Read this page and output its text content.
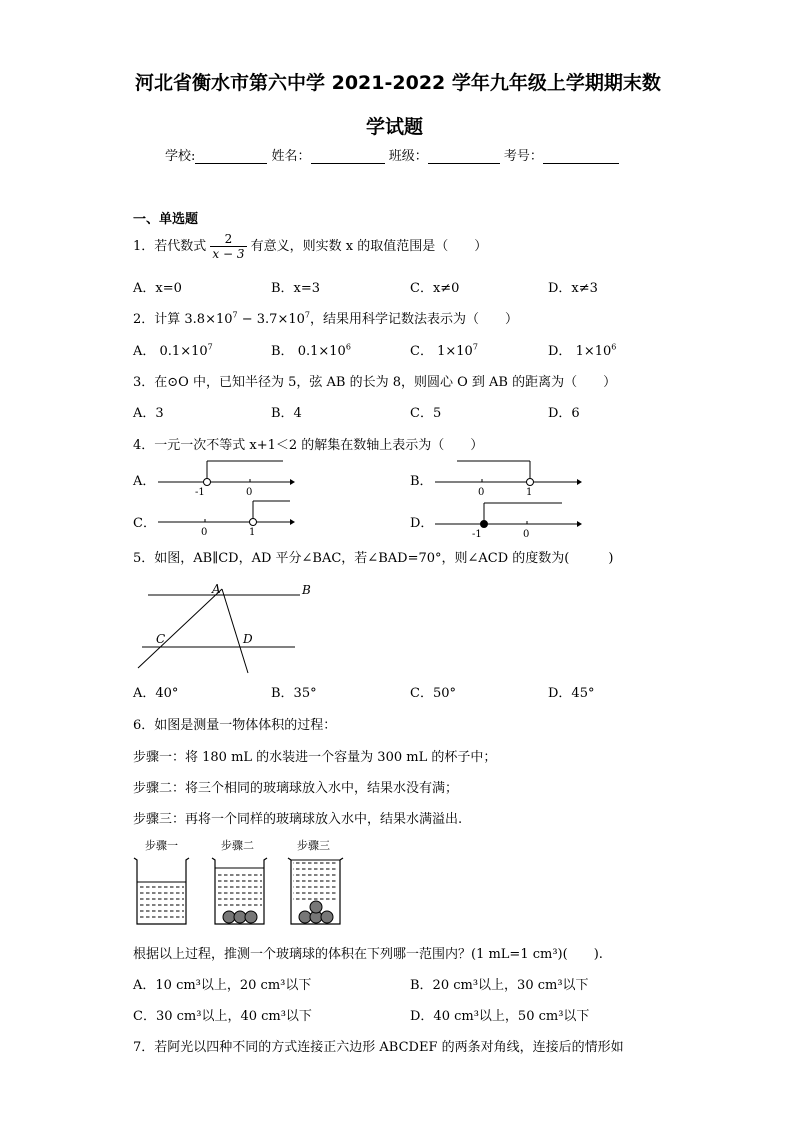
河北省衡水市第六中学 2021-2022 学年九年级上学期期末数
学试题
学校:	姓名：	班级：	考号：
一、单选题
1．若代数式 $\frac{2}{x - 3}$ 有意义，则实数 x 的取值范围是（　　）
A．x=0	B．x=3	C．x≠0	D．x≠3
2．计算 $3.8\times 10^7 - 3.7\times 10^7$，结果用科学记数法表示为（　　）
A． $0.1\times 10^7$	B． $0.1\times 10^6$	C． $1\times 10^7$	D． $1\times 10^6$
3．在⊙O 中，已知半径为 5，弦 AB 的长为 8，则圆心 O 到 AB 的距离为（　　）
A．3	B．4	C．5	D．6
4．一元一次不等式 x+1＜2 的解集在数轴上表示为（　　）
A．	B．
C．	D．
-1	0	0	1
0	1	-1	0
5．如图，AB∥CD，AD 平分∠BAC，若∠BAD=70°，则∠ACD 的度数为(　　　)
A	B
C	D
A．40°	B．35°	C．50°	D．45°
6．如图是测量一物体体积的过程：
步骤一：将 180 mL 的水装进一个容量为 300 mL 的杯子中；
步骤二：将三个相同的玻璃球放入水中，结果水没有满；
步骤三：再将一个同样的玻璃球放入水中，结果水满溢出.
步骤一	步骤二	步骤三
根据以上过程，推测一个玻璃球的体积在下列哪一范围内？(1 mL=1 cm³)(　　).
A．10 cm³以上，20 cm³以下	B．20 cm³以上，30 cm³以下
C．30 cm³以上，40 cm³以下	D．40 cm³以上，50 cm³以下
7．若阿光以四种不同的方式连接正六边形 ABCDEF 的两条对角线，连接后的情形如
